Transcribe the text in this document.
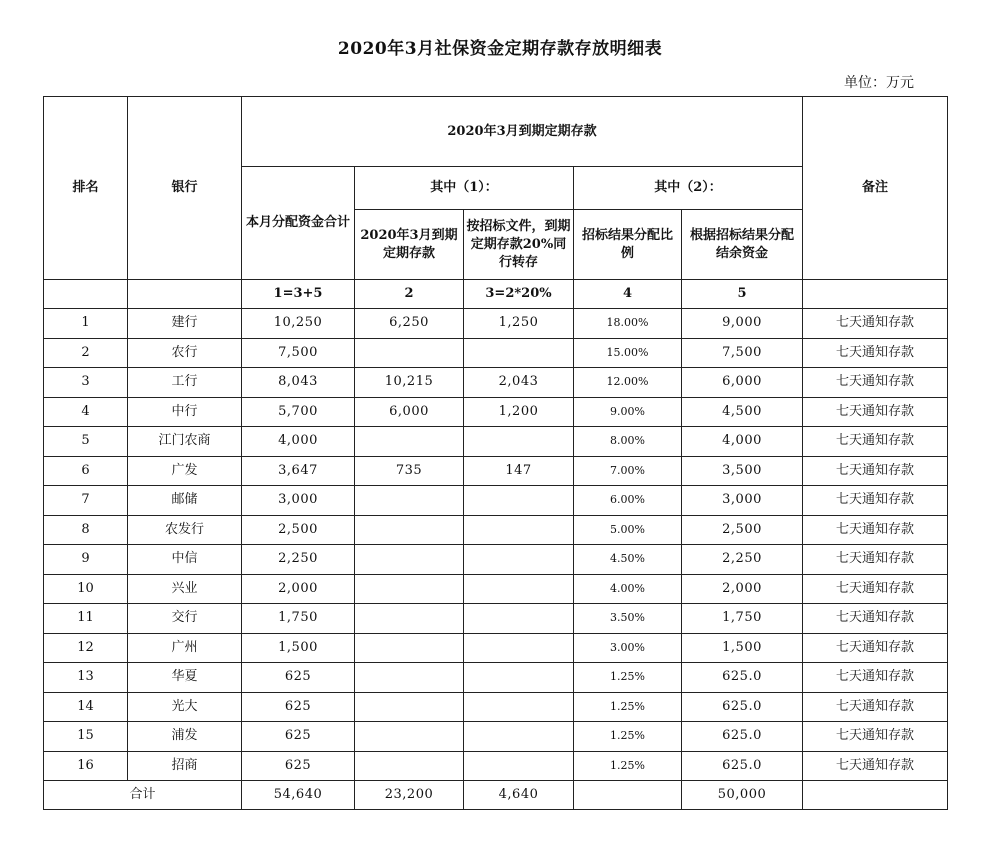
2020年3月社保资金定期存款存放明细表
单位：万元
排名	银行	2020年3月到期定期存款					备注
		本月分配资金合计	其中（1）：		其中（2）：		
			2020年3月到期定期存款	按招标文件，到期定期存款20%同行转存	招标结果分配比例	根据招标结果分配结余资金	
		1=3+5	2	3=2*20%	4	5	
1	建行	10,250	6,250	1,250	18.00%	9,000	七天通知存款
2	农行	7,500			15.00%	7,500	七天通知存款
3	工行	8,043	10,215	2,043	12.00%	6,000	七天通知存款
4	中行	5,700	6,000	1,200	9.00%	4,500	七天通知存款
5	江门农商	4,000			8.00%	4,000	七天通知存款
6	广发	3,647	735	147	7.00%	3,500	七天通知存款
7	邮储	3,000			6.00%	3,000	七天通知存款
8	农发行	2,500			5.00%	2,500	七天通知存款
9	中信	2,250			4.50%	2,250	七天通知存款
10	兴业	2,000			4.00%	2,000	七天通知存款
11	交行	1,750			3.50%	1,750	七天通知存款
12	广州	1,500			3.00%	1,500	七天通知存款
13	华夏	625			1.25%	625.0	七天通知存款
14	光大	625			1.25%	625.0	七天通知存款
15	浦发	625			1.25%	625.0	七天通知存款
16	招商	625			1.25%	625.0	七天通知存款
合计		54,640	23,200	4,640		50,000	
